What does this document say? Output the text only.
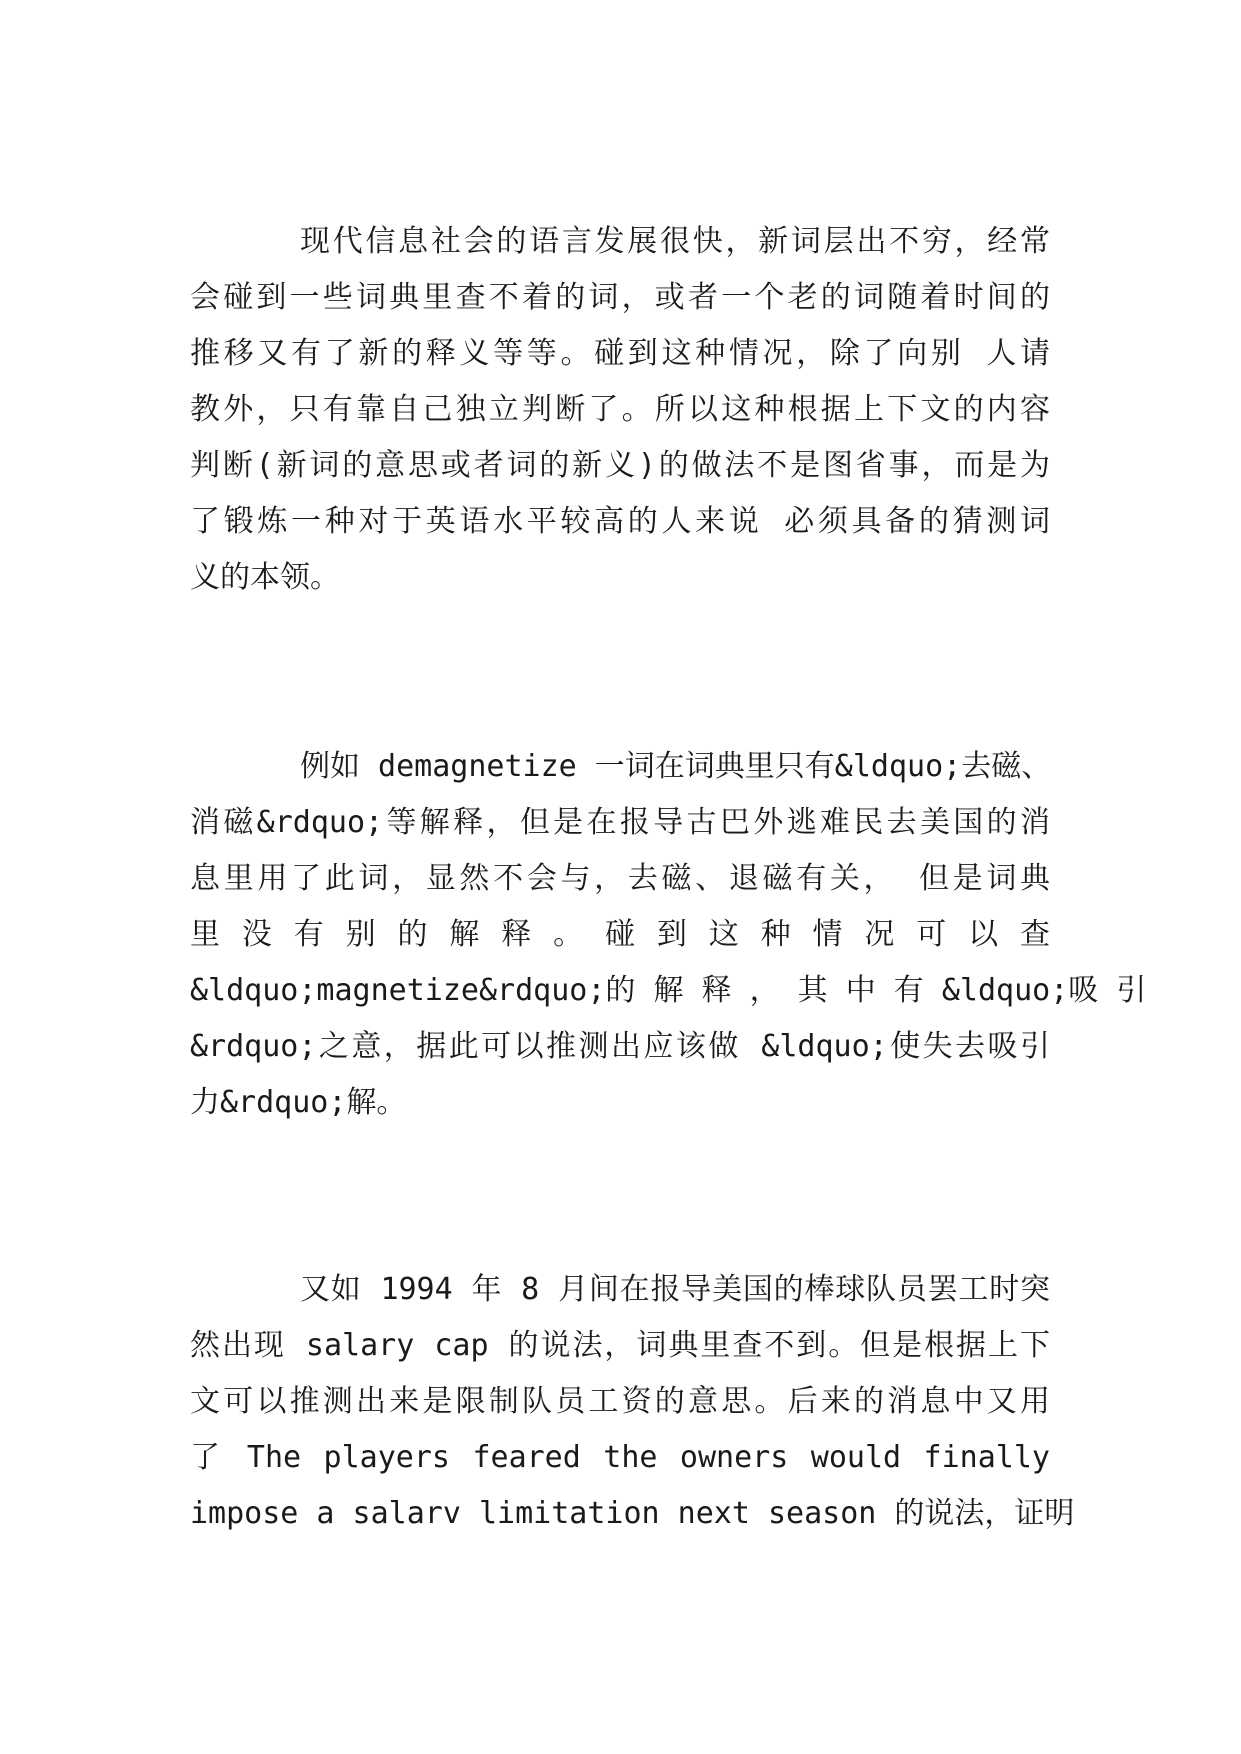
现代信息社会的语言发展很快，新词层出不穷，经常
会碰到一些词典里查不着的词，或者一个老的词随着时间的
推移又有了新的释义等等。碰到这种情况，除了向别 人请
教外，只有靠自己独立判断了。所以这种根据上下文的内容
判断(新词的意思或者词的新义)的做法不是图省事，而是为
了锻炼一种对于英语水平较高的人来说 必须具备的猜测词
义的本领。
例如 demagnetize 一词在词典里只有&ldquo;去磁、
消磁&rdquo;等解释，但是在报导古巴外逃难民去美国的消
息里用了此词，显然不会与，去磁、退磁有关， 但是词典
里 没 有 别 的 解 释 。 碰 到 这 种 情 况 可 以 查
&ldquo;magnetize&rdquo;的 解 释 ， 其 中 有 &ldquo;吸 引
&rdquo;之意，据此可以推测出应该做 &ldquo;使失去吸引
力&rdquo;解。
又如 1994 年 8 月间在报导美国的棒球队员罢工时突
然出现 salary cap 的说法，词典里查不到。但是根据上下
文可以推测出来是限制队员工资的意思。后来的消息中又用
了 The players feared the owners would finally
impose a salarv limitation next season 的说法，证明
